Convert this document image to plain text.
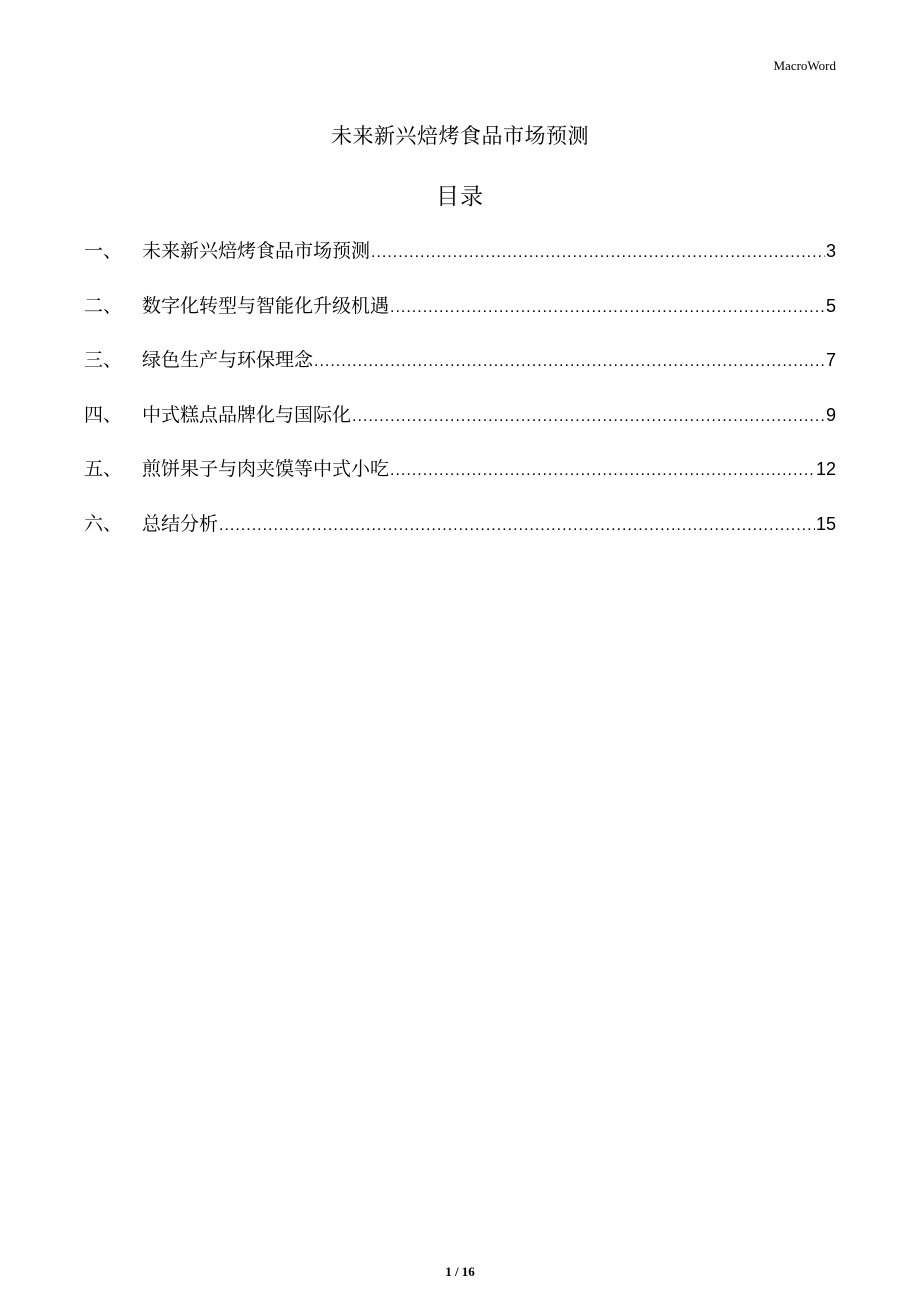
MacroWord
未来新兴焙烤食品市场预测
目录
一、	未来新兴焙烤食品市场预测 .....	3
二、	数字化转型与智能化升级机遇 .....	5
三、	绿色生产与环保理念 .....	7
四、	中式糕点品牌化与国际化 .....	9
五、	煎饼果子与肉夹馍等中式小吃 .....	12
六、	总结分析 .....	15
1 / 16
